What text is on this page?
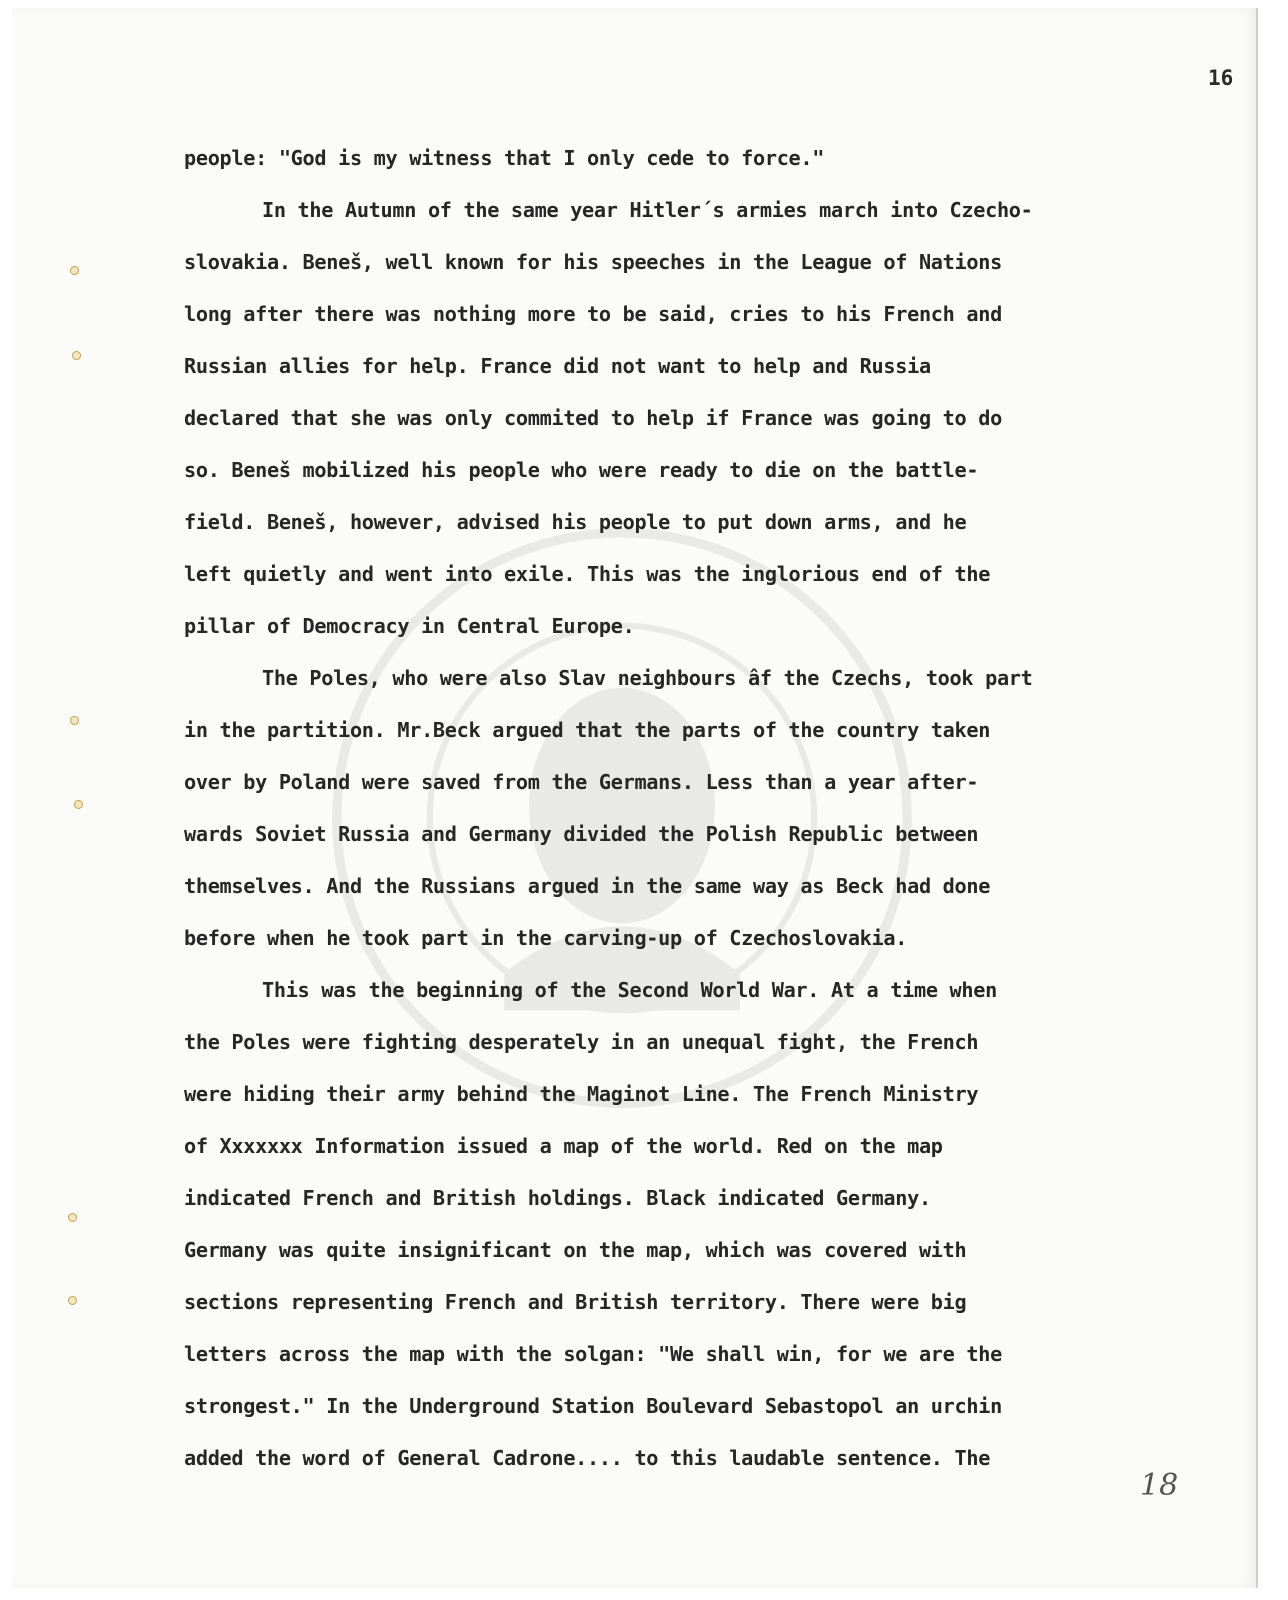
16
people: "God is my witness that I only cede to force."
In the Autumn of the same year Hitler´s armies march into Czecho-
slovakia. Beneš, well known for his speeches in the League of Nations
long after there was nothing more to be said, cries to his French and
Russian allies for help. France did not want to help and Russia
declared that she was only commited to help if France was going to do
so. Beneš mobilized his people who were ready to die on the battle-
field. Beneš, however, advised his people to put down arms, and he
left quietly and went into exile. This was the inglorious end of the
pillar of Democracy in Central Europe.
The Poles, who were also Slav neighbours âf the Czechs, took part
in the partition. Mr.Beck argued that the parts of the country taken
over by Poland were saved from the Germans. Less than a year after-
wards Soviet Russia and Germany divided the Polish Republic between
themselves. And the Russians argued in the same way as Beck had done
before when he took part in the carving-up of Czechoslovakia.
This was the beginning of the Second World War. At a time when
the Poles were fighting desperately in an unequal fight, the French
were hiding their army behind the Maginot Line. The French Ministry
of Xxxxxxx Information issued a map of the world. Red on the map
indicated French and British holdings. Black indicated Germany.
Germany was quite insignificant on the map, which was covered with
sections representing French and British territory. There were big
letters across the map with the solgan: "We shall win, for we are the
strongest." In the Underground Station Boulevard Sebastopol an urchin
added the word of General Cadrone.... to this laudable sentence. The
18
